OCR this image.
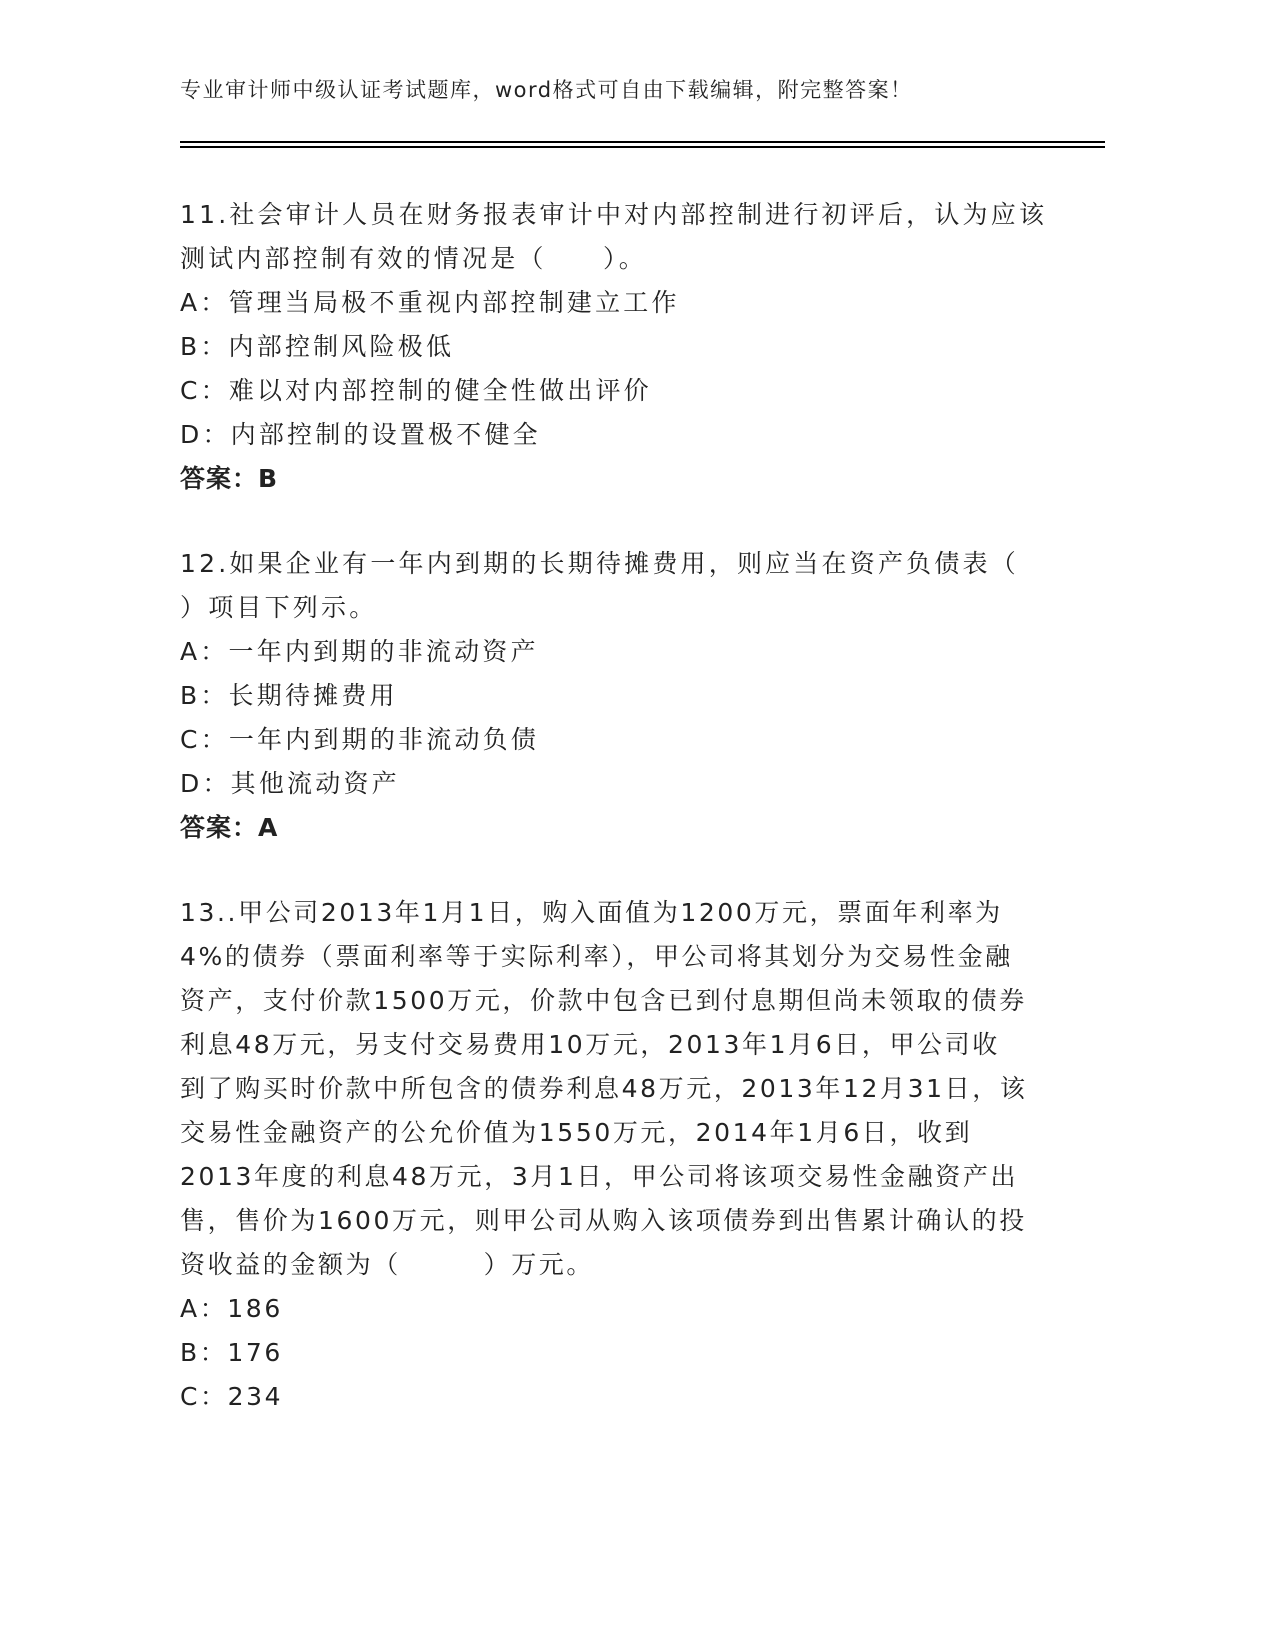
专业审计师中级认证考试题库，word格式可自由下载编辑，附完整答案！
11.社会审计人员在财务报表审计中对内部控制进行初评后，认为应该
测试内部控制有效的情况是（　　）。
A：管理当局极不重视内部控制建立工作
B：内部控制风险极低
C：难以对内部控制的健全性做出评价
D：内部控制的设置极不健全
答案：B
12.如果企业有一年内到期的长期待摊费用，则应当在资产负债表（
）项目下列示。
A：一年内到期的非流动资产
B：长期待摊费用
C：一年内到期的非流动负债
D：其他流动资产
答案：A
13..甲公司2013年1月1日，购入面值为1200万元，票面年利率为
4%的债券（票面利率等于实际利率），甲公司将其划分为交易性金融
资产，支付价款1500万元，价款中包含已到付息期但尚未领取的债券
利息48万元，另支付交易费用10万元，2013年1月6日，甲公司收
到了购买时价款中所包含的债券利息48万元，2013年12月31日，该
交易性金融资产的公允价值为1550万元，2014年1月6日，收到
2013年度的利息48万元，3月1日，甲公司将该项交易性金融资产出
售，售价为1600万元，则甲公司从购入该项债券到出售累计确认的投
资收益的金额为（　　　）万元。
A：186
B：176
C：234
